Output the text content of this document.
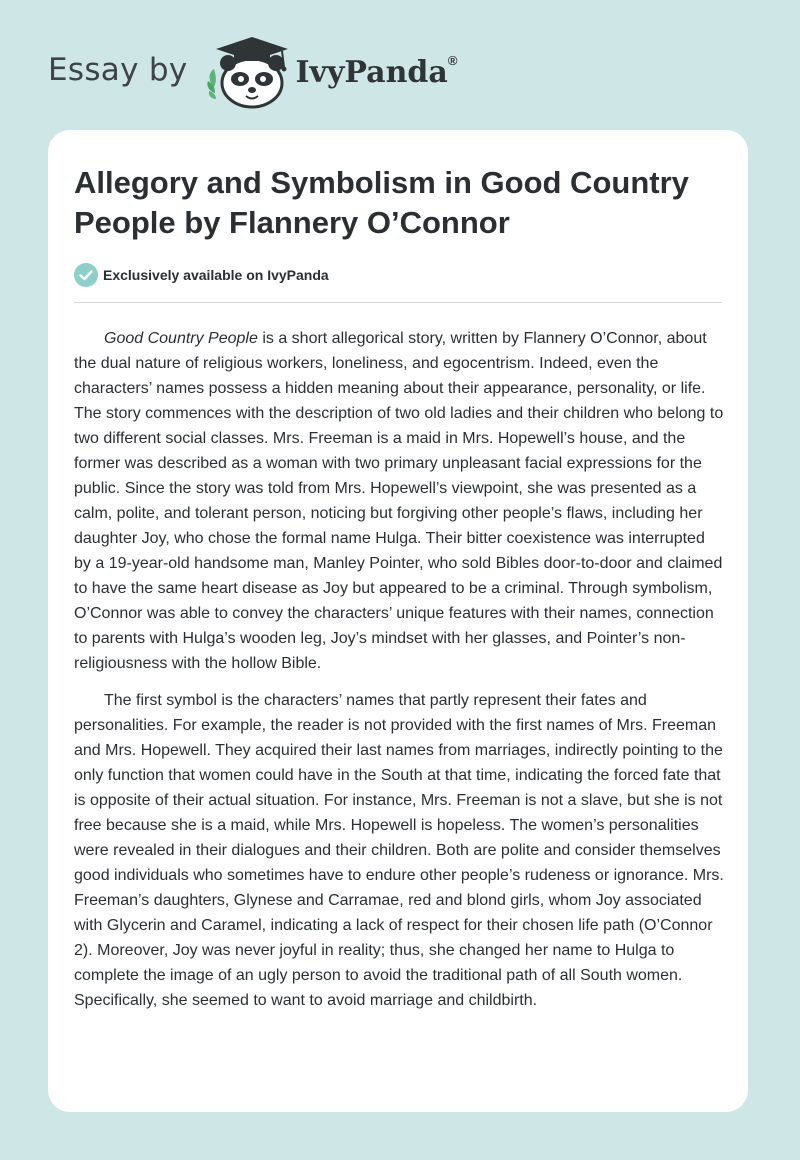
Essay by	IvyPanda®
Allegory and Symbolism in Good Country People by Flannery O’Connor
Exclusively available on IvyPanda

Good Country People is a short allegorical story, written by Flannery O’Connor, about the dual nature of religious workers, loneliness, and egocentrism. Indeed, even the characters’ names possess a hidden meaning about their appearance, personality, or life. The story commences with the description of two old ladies and their children who belong to two different social classes. Mrs. Freeman is a maid in Mrs. Hopewell’s house, and the former was described as a woman with two primary unpleasant facial expressions for the public. Since the story was told from Mrs. Hopewell’s viewpoint, she was presented as a calm, polite, and tolerant person, noticing but forgiving other people’s flaws, including her daughter Joy, who chose the formal name Hulga. Their bitter coexistence was interrupted by a 19-year-old handsome man, Manley Pointer, who sold Bibles door-to-door and claimed to have the same heart disease as Joy but appeared to be a criminal. Through symbolism, O’Connor was able to convey the characters’ unique features with their names, connection to parents with Hulga’s wooden leg, Joy’s mindset with her glasses, and Pointer’s non-religiousness with the hollow Bible.

The first symbol is the characters’ names that partly represent their fates and personalities. For example, the reader is not provided with the first names of Mrs. Freeman and Mrs. Hopewell. They acquired their last names from marriages, indirectly pointing to the only function that women could have in the South at that time, indicating the forced fate that is opposite of their actual situation. For instance, Mrs. Freeman is not a slave, but she is not free because she is a maid, while Mrs. Hopewell is hopeless. The women’s personalities were revealed in their dialogues and their children. Both are polite and consider themselves good individuals who sometimes have to endure other people’s rudeness or ignorance. Mrs. Freeman’s daughters, Glynese and Carramae, red and blond girls, whom Joy associated with Glycerin and Caramel, indicating a lack of respect for their chosen life path (O’Connor 2). Moreover, Joy was never joyful in reality; thus, she changed her name to Hulga to complete the image of an ugly person to avoid the traditional path of all South women. Specifically, she seemed to want to avoid marriage and childbirth.
